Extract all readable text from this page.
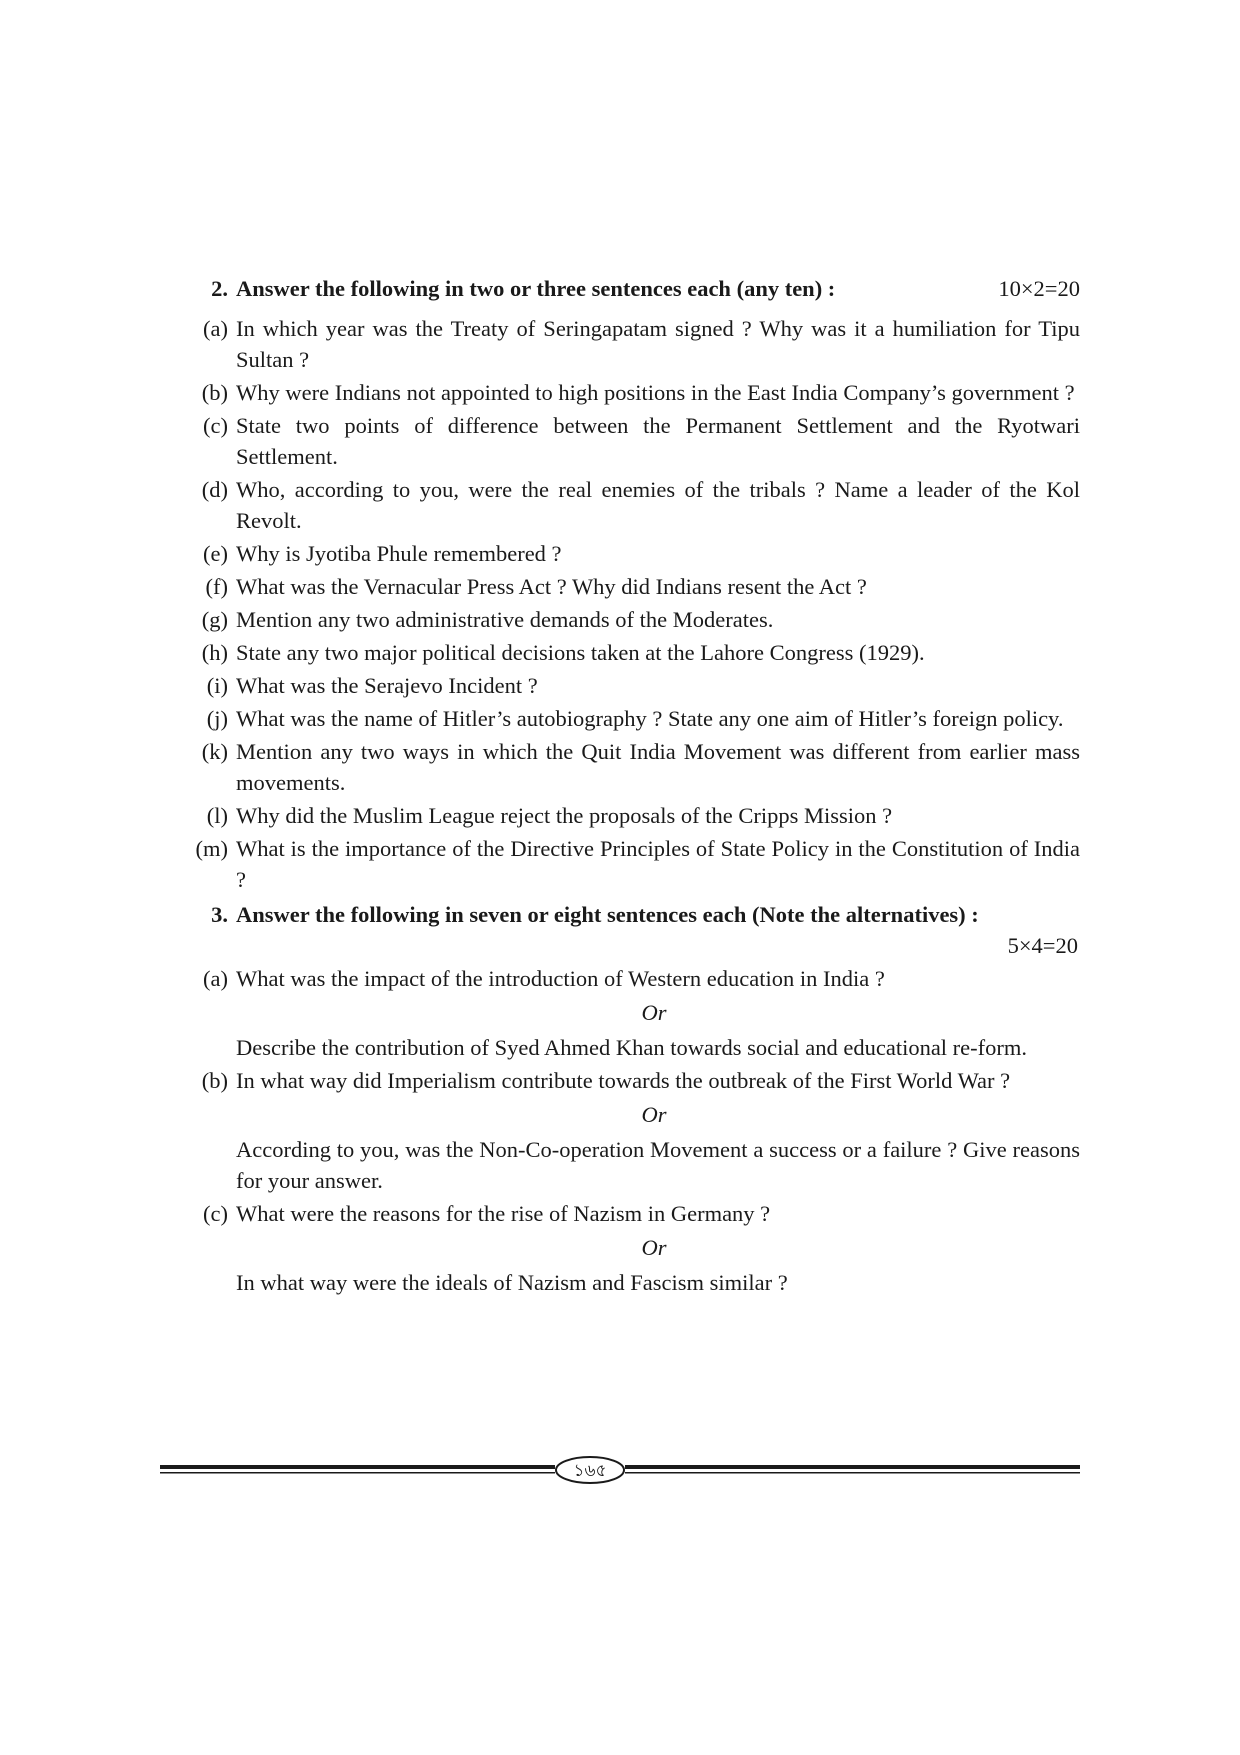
2. Answer the following in two or three sentences each (any ten) :	10×2=20
(a) In which year was the Treaty of Seringapatam signed ? Why was it a humiliation for Tipu Sultan ?
(b) Why were Indians not appointed to high positions in the East India Company’s government ?
(c) State two points of difference between the Permanent Settlement and the Ryotwari Settlement.
(d) Who, according to you, were the real enemies of the tribals ? Name a leader of the Kol Revolt.
(e) Why is Jyotiba Phule remembered ?
(f) What was the Vernacular Press Act ? Why did Indians resent the Act ?
(g) Mention any two administrative demands of the Moderates.
(h) State any two major political decisions taken at the Lahore Congress (1929).
(i) What was the Serajevo Incident ?
(j) What was the name of Hitler’s autobiography ? State any one aim of Hitler’s foreign policy.
(k) Mention any two ways in which the Quit India Movement was different from earlier mass movements.
(l) Why did the Muslim League reject the proposals of the Cripps Mission ?
(m) What is the importance of the Directive Principles of State Policy in the Constitution of India ?
3. Answer the following in seven or eight sentences each (Note the alternatives) :
5×4=20
(a) What was the impact of the introduction of Western education in India ?
Or
Describe the contribution of Syed Ahmed Khan towards social and educational re-form.
(b) In what way did Imperialism contribute towards the outbreak of the First World War ?
Or
According to you, was the Non-Co-operation Movement a success or a failure ? Give reasons for your answer.
(c) What were the reasons for the rise of Nazism in Germany ?
Or
In what way were the ideals of Nazism and Fascism similar ?
১৬৫
